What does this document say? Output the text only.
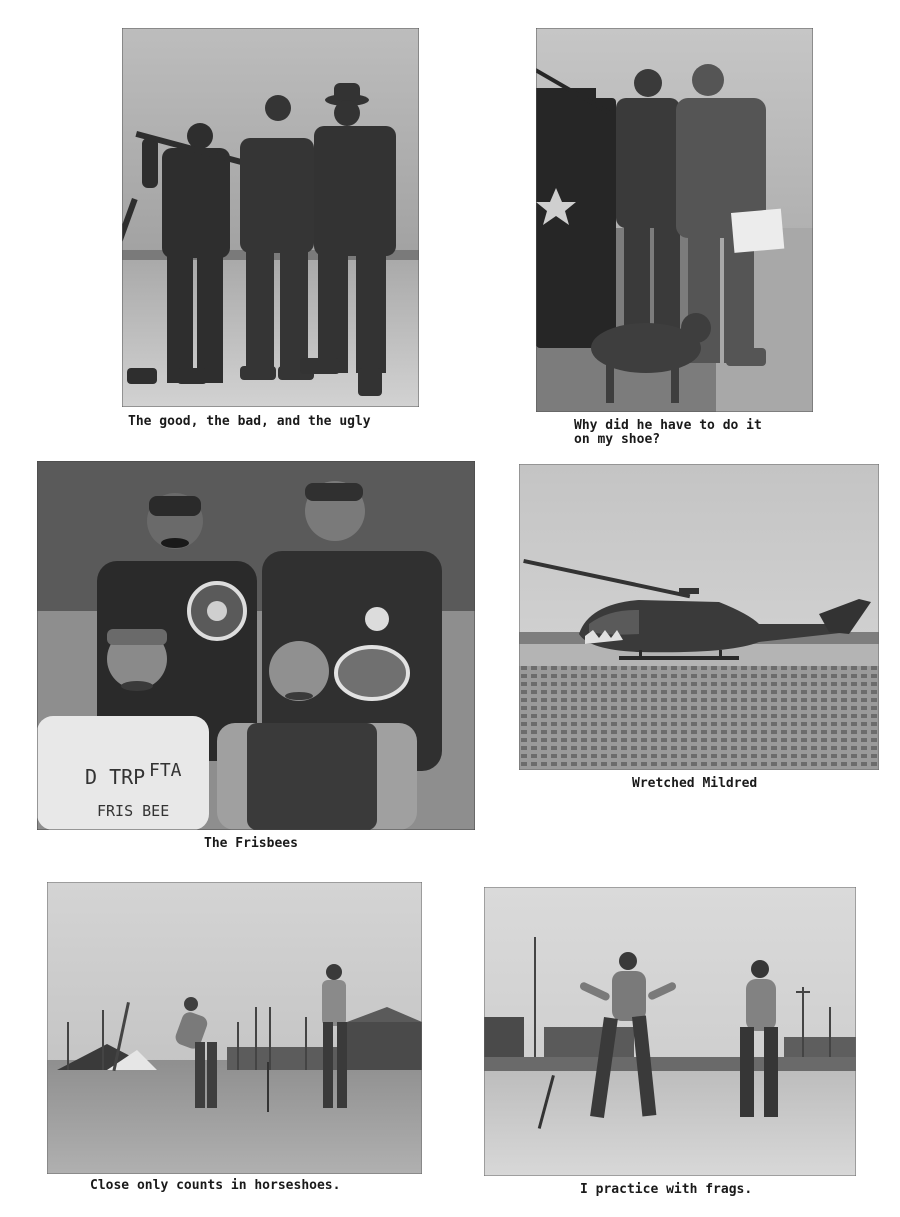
The good, the bad, and the ugly	Why did he have to do it
on my shoe?
D TRP FTA
FRIS BEE
The Frisbees
Wretched Mildred
Close only counts in horseshoes.	I practice with frags.
